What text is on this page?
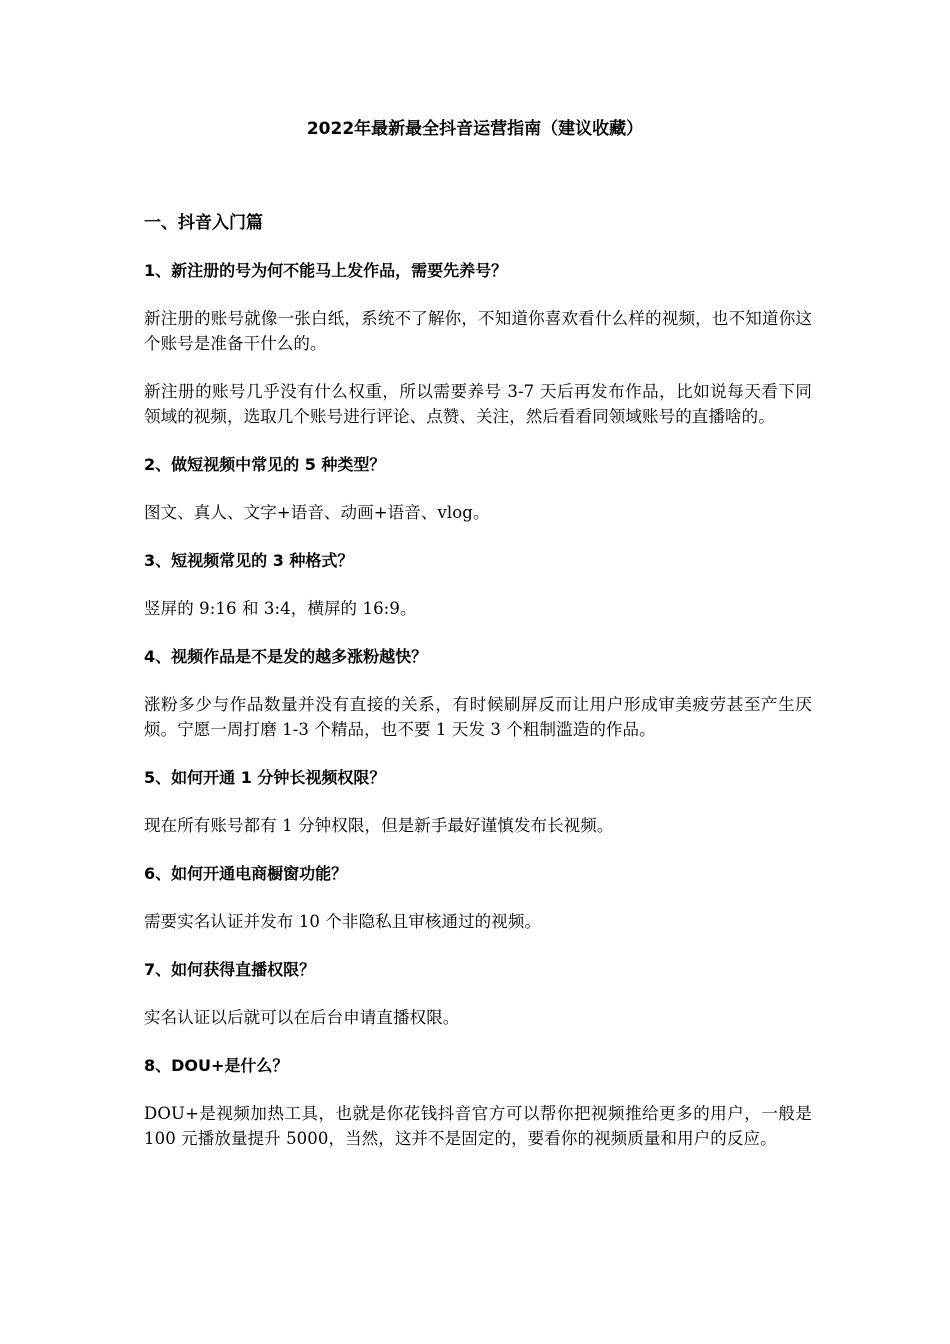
2022年最新最全抖音运营指南（建议收藏）
一、抖音入门篇
1、新注册的号为何不能马上发作品，需要先养号？
新注册的账号就像一张白纸，系统不了解你，不知道你喜欢看什么样的视频，也不知道你这个账号是准备干什么的。
新注册的账号几乎没有什么权重，所以需要养号 3-7 天后再发布作品，比如说每天看下同领域的视频，选取几个账号进行评论、点赞、关注，然后看看同领域账号的直播啥的。
2、做短视频中常见的 5 种类型？
图文、真人、文字+语音、动画+语音、vlog。
3、短视频常见的 3 种格式？
竖屏的 9:16 和 3:4，横屏的 16:9。
4、视频作品是不是发的越多涨粉越快？
涨粉多少与作品数量并没有直接的关系，有时候刷屏反而让用户形成审美疲劳甚至产生厌烦。宁愿一周打磨 1-3 个精品，也不要 1 天发 3 个粗制滥造的作品。
5、如何开通 1 分钟长视频权限？
现在所有账号都有 1 分钟权限，但是新手最好谨慎发布长视频。
6、如何开通电商橱窗功能？
需要实名认证并发布 10 个非隐私且审核通过的视频。
7、如何获得直播权限？
实名认证以后就可以在后台申请直播权限。
8、DOU+是什么？
DOU+是视频加热工具，也就是你花钱抖音官方可以帮你把视频推给更多的用户，一般是 100 元播放量提升 5000，当然，这并不是固定的，要看你的视频质量和用户的反应。
